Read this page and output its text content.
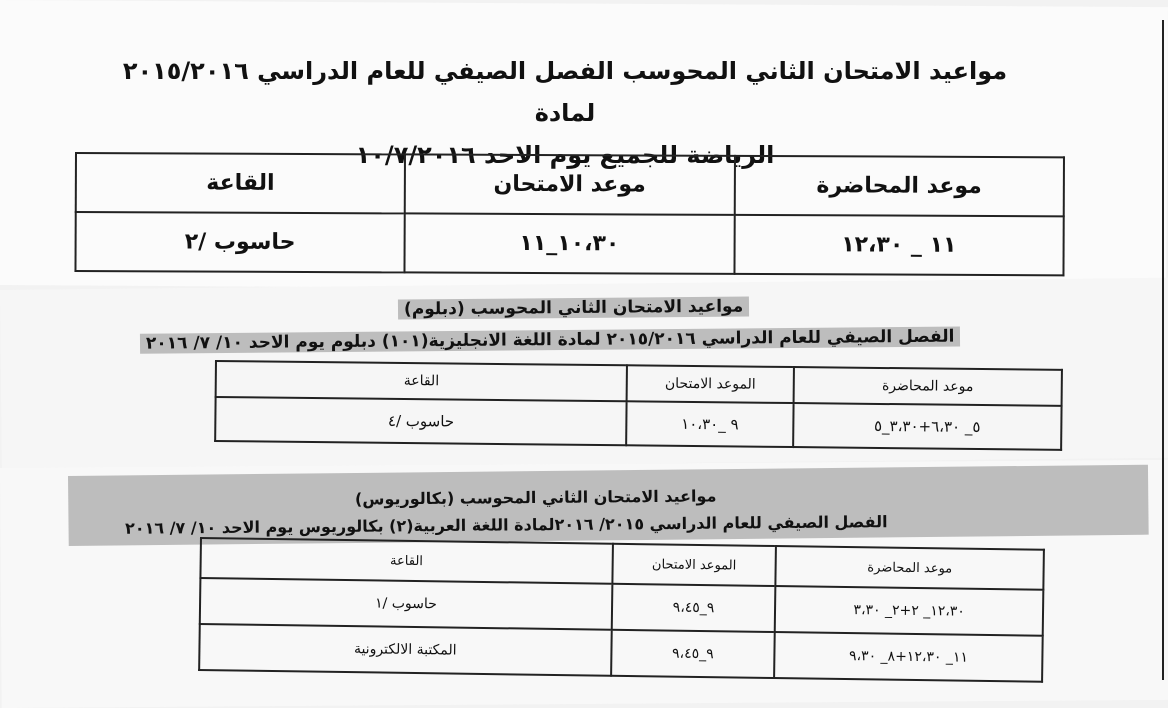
مواعيد الامتحان الثاني المحوسب الفصل الصيفي للعام الدراسي ٢٠١٥/٢٠١٦ لمادة
الرياضة للجميع يوم الاحد ١٠/٧/٢٠١٦
موعد المحاضرة	موعد الامتحان	القاعة
١١ _ ١٢،٣٠	١٠،٣٠_١١	حاسوب /٢
مواعيد الامتحان الثاني المحوسب (دبلوم)
الفصل الصيفي للعام الدراسي ٢٠١٥/٢٠١٦ لمادة اللغة الانجليزية(١٠١) دبلوم يوم الاحد ١٠/ ٧/ ٢٠١٦
موعد المحاضرة	الموعد الامتحان	القاعة
٥_ ٦،٣٠+٣،٣٠_٥	٩ _١٠،٣٠	حاسوب /٤
مواعيد الامتحان الثاني المحوسب (بكالوريوس)
الفصل الصيفي للعام الدراسي ٢٠١٥/ ٢٠١٦لمادة اللغة العربية(٢) بكالوريوس يوم الاحد ١٠/ ٧/ ٢٠١٦
موعد المحاضرة	الموعد الامتحان	القاعة
١٢،٣٠_ ٢+٢_ ٣،٣٠	٩_٩،٤٥	حاسوب /١
١١_ ١٢،٣٠+٨_ ٩،٣٠	٩_٩،٤٥	المكتبة الالكترونية
